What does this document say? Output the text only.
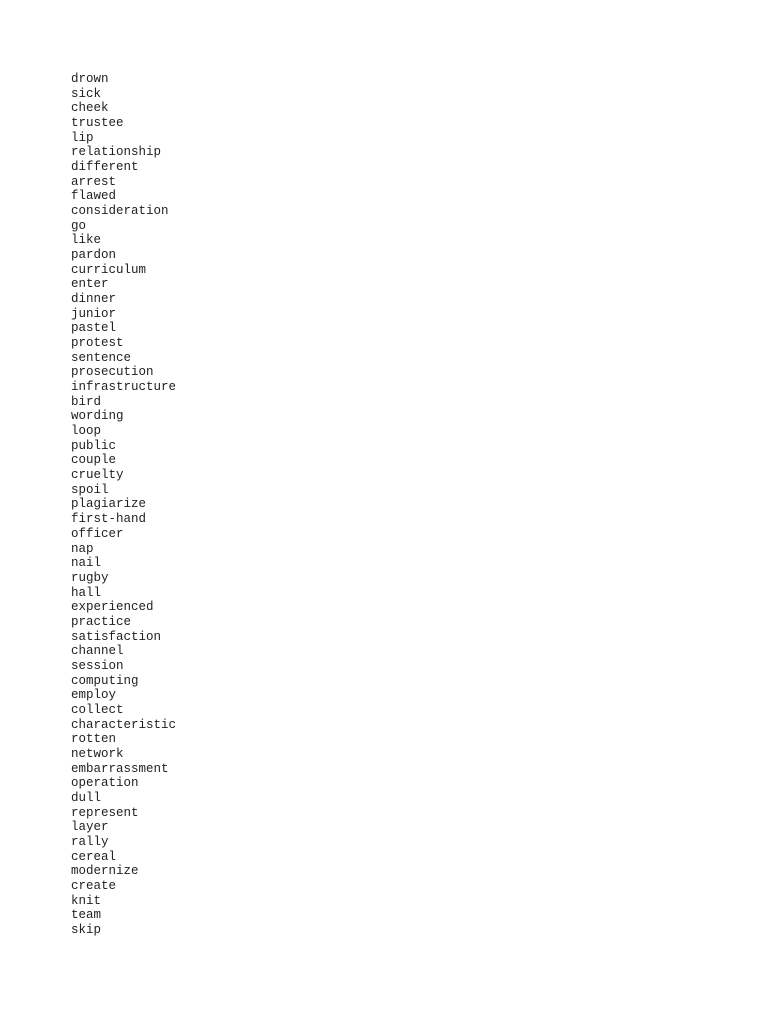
drown
sick
cheek
trustee
lip
relationship
different
arrest
flawed
consideration
go
like
pardon
curriculum
enter
dinner
junior
pastel
protest
sentence
prosecution
infrastructure
bird
wording
loop
public
couple
cruelty
spoil
plagiarize
first-hand
officer
nap
nail
rugby
hall
experienced
practice
satisfaction
channel
session
computing
employ
collect
characteristic
rotten
network
embarrassment
operation
dull
represent
layer
rally
cereal
modernize
create
knit
team
skip
